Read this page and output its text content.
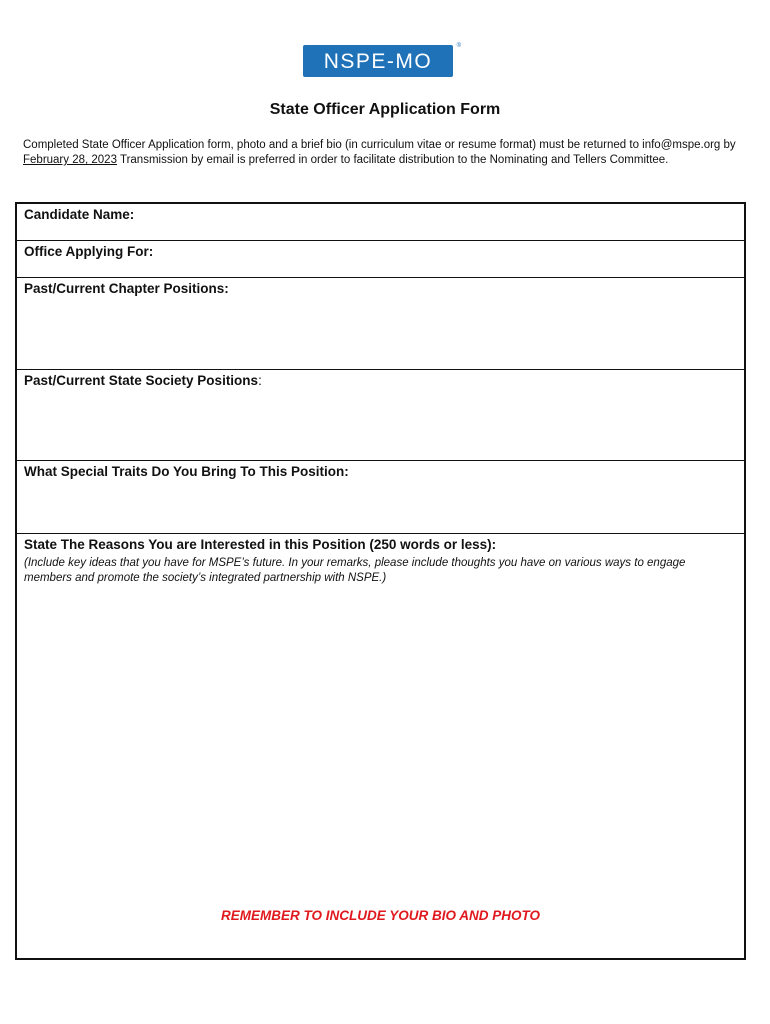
NSPE-MO
®
State Officer Application Form

Completed State Officer Application form, photo and a brief bio (in curriculum vitae or resume format) must be returned to info@mspe.org by February 28, 2023 Transmission by email is preferred in order to facilitate distribution to the Nominating and Tellers Committee.

Candidate Name:

Office Applying For:

Past/Current Chapter Positions:

Past/Current State Society Positions:

What Special Traits Do You Bring To This Position:

State The Reasons You are Interested in this Position (250 words or less):

(Include key ideas that you have for MSPE’s future. In your remarks, please include thoughts you have on various ways to engage members and promote the society’s integrated partnership with NSPE.)

REMEMBER TO INCLUDE YOUR BIO AND PHOTO
